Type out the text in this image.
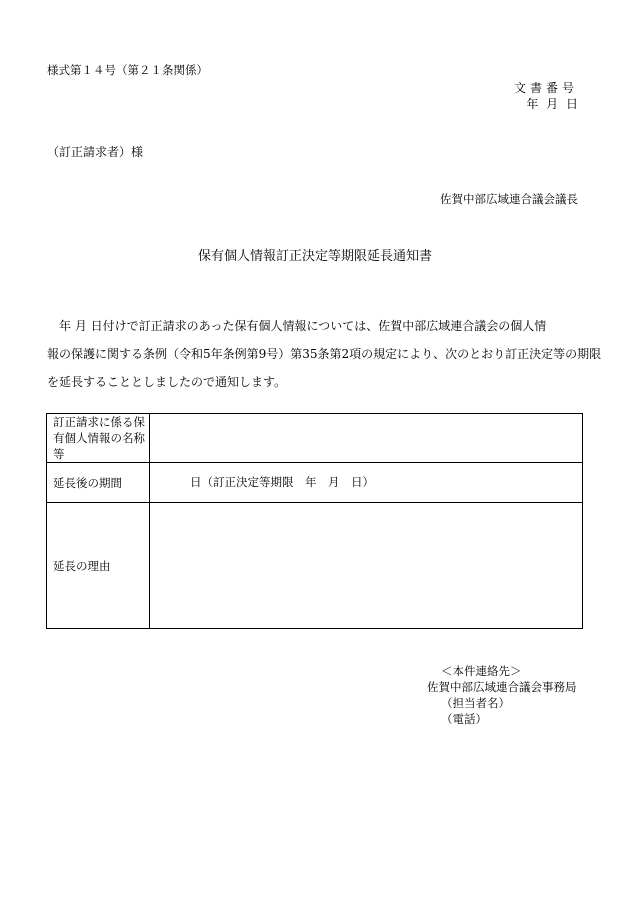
様式第１４号（第２１条関係）
文書番号
年 月 日
（訂正請求者）様
佐賀中部広域連合議会議長
保有個人情報訂正決定等期限延長通知書
　年 月 日付けで訂正請求のあった保有個人情報については、佐賀中部広域連合議会の個人情
報の保護に関する条例（令和5年条例第9号）第35条第2項の規定により、次のとおり訂正決定等の期限
を延長することとしましたので通知します。
訂正請求に係る保有個人情報の名称等	
延長後の期間	日（訂正決定等期限　年　月　日）
延長の理由	
＜本件連絡先＞
佐賀中部広域連合議会事務局
（担当者名）
（電話）
